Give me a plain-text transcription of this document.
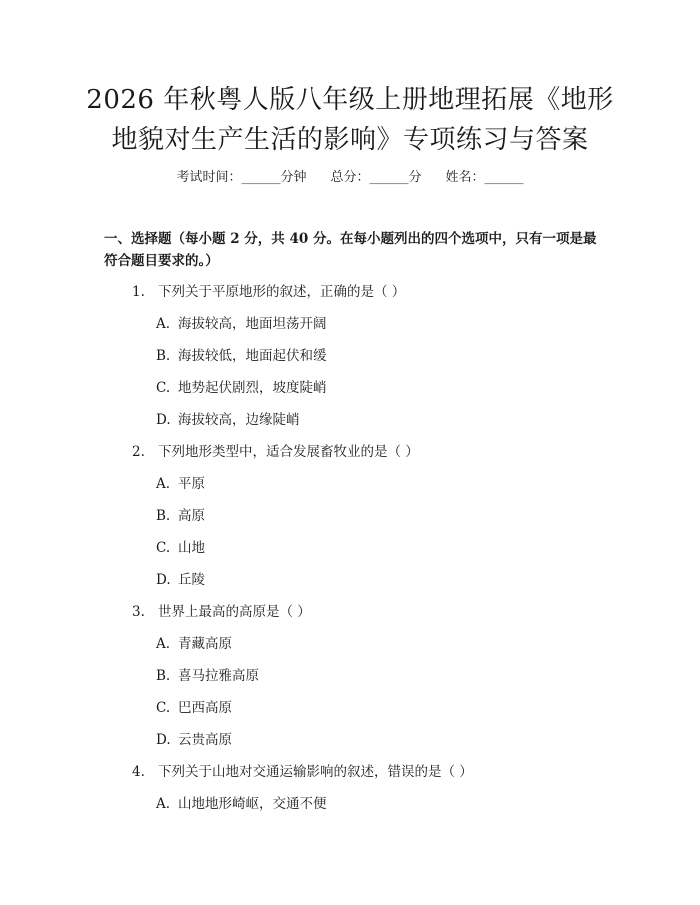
2026 年秋粤人版八年级上册地理拓展《地形
地貌对生产生活的影响》专项练习与答案
考试时间：______分钟 总分：______分 姓名：______
一、选择题（每小题 2 分，共 40 分。在每小题列出的四个选项中，只有一项是最
符合题目要求的。）
1. 下列关于平原地形的叙述，正确的是（ ）
A. 海拔较高，地面坦荡开阔
B. 海拔较低，地面起伏和缓
C. 地势起伏剧烈，坡度陡峭
D. 海拔较高，边缘陡峭
2. 下列地形类型中，适合发展畜牧业的是（ ）
A. 平原
B. 高原
C. 山地
D. 丘陵
3. 世界上最高的高原是（ ）
A. 青藏高原
B. 喜马拉雅高原
C. 巴西高原
D. 云贵高原
4. 下列关于山地对交通运输影响的叙述，错误的是（ ）
A. 山地地形崎岖，交通不便
